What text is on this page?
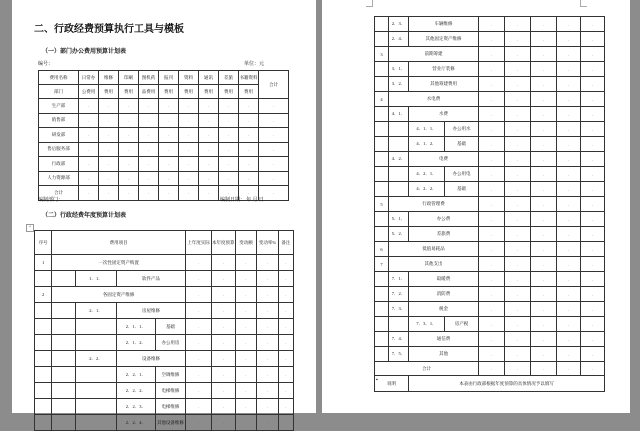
二、行政经费预算执行工具与模板
（一）部门办公费用预算计划表
编号：	单位：元
费用名称	日常办	维修	印刷	图机药	报刊	资料	通讯	差旅	书籍资料	合计
部门	公费用	费用	费用	品费用	费用	费用	费用	费用	费用	
生产部	.	.	.	.	.	.	.	.	.	.
销售部	.	.	.	.	.	.	.	.	.	.
研发部	.	.	.	.	.	.	.	.	.	.
售后服务部	.	.	.	.	.	.	.	.	.	.
行政部	.	.	.	.	.	.	.	.	.	.
人力资源部	.	.	.	.	.	.	.	.	.	.
合计	.	.	.	.	.	.	.	.	.	.
编制部门：	编制日期： 年 月 日
（二）行政经费年度预算计划表
+
序号	费用项目				上年度实际	本年度预算	变动额	变动率%	备注
1	一次性固定资产购置				.	.	.	.	.
		1．1．	软件产品		.	.	.	.	.
2	各固定资产维修				.	.	.	.	.
		2．1．	房屋维修		.	.	.	.	.
			2．1．1．	基础	.	.	.	.	.
			2．1．2．	办公用房	.	.	.	.	.
		2．2．	设备维修		.	.	.	.	.
			2．2．1．	空调维修	.	.	.	.	.
			2．2．2．	电梯维修	.	.	.	.	.
			2．2．3．	电梯维修	.	.	.	.	.
			2．2．4．	其他设备维修	.	.	.	.	.
	2．3．	车辆维修		.	.	.	.	.
	2．4．	其他固定资产维修		.	.	.	.	.
3	前期筹建			.	.	.	.	.
	3．1．	营业厅装修		.	.	.	.	.
	3．2．	其他筹建费用		.	.	.	.	.
4	水电费			.	.	.	.	.
	4．1．	水费		.	.	.	.	.
		4．1．1．	办公用水	.	.	.	.	.
		4．1．2．	基础	.	.	.	.	.
	4．2．	电费		.	.	.	.	.
		4．2．1．	办公用电	.	.	.	.	.
		4．2．2．	基础	.	.	.	.	.
5	行政管理费			.	.	.	.	.
	5．1．	办公费		.	.	.	.	.
	5．2．	差旅费		.	.	.	.	.
6	低值易耗品			.	.	.	.	.
7	其他支出			.	.	.	.	.
	7．1．	取暖费		.	.	.	.	.
	7．2．	消防费		.	.	.	.	.
	7．3．	税金		.	.	.	.	.
		7．3．1．	房产税	.	.	.	.	.
	7．4．	通信费		.	.	.	.	.
	7．5．	其他		.	.	.	.	.
合计				.	.	.	.	.
说明		本表由行政部根据年度预算的具体情况予以填写						
▪
